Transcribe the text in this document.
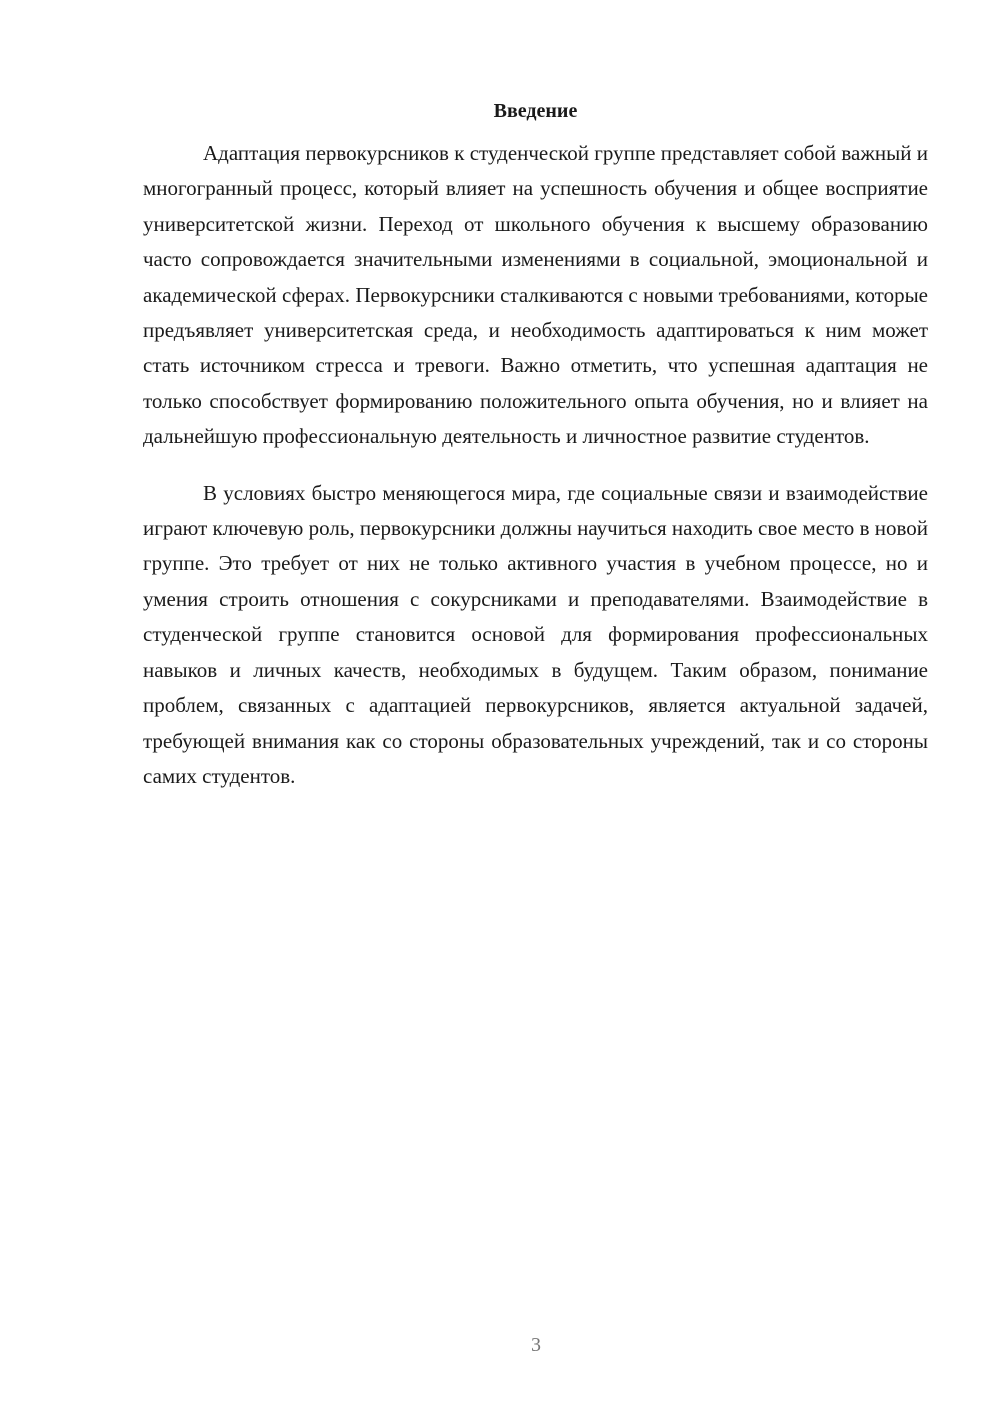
Введение

Адаптация первокурсников к студенческой группе представляет собой важный и многогранный процесс, который влияет на успешность обучения и общее восприятие университетской жизни. Переход от школьного обучения к высшему образованию часто сопровождается значительными изменениями в социальной, эмоциональной и академической сферах. Первокурсники сталкиваются с новыми требованиями, которые предъявляет университетская среда, и необходимость адаптироваться к ним может стать источником стресса и тревоги. Важно отметить, что успешная адаптация не только способствует формированию положительного опыта обучения, но и влияет на дальнейшую профессиональную деятельность и личностное развитие студентов.

В условиях быстро меняющегося мира, где социальные связи и взаимодействие играют ключевую роль, первокурсники должны научиться находить свое место в новой группе. Это требует от них не только активного участия в учебном процессе, но и умения строить отношения с сокурсниками и преподавателями. Взаимодействие в студенческой группе становится основой для формирования профессиональных навыков и личных качеств, необходимых в будущем. Таким образом, понимание проблем, связанных с адаптацией первокурсников, является актуальной задачей, требующей внимания как со стороны образовательных учреждений, так и со стороны самих студентов.

3
